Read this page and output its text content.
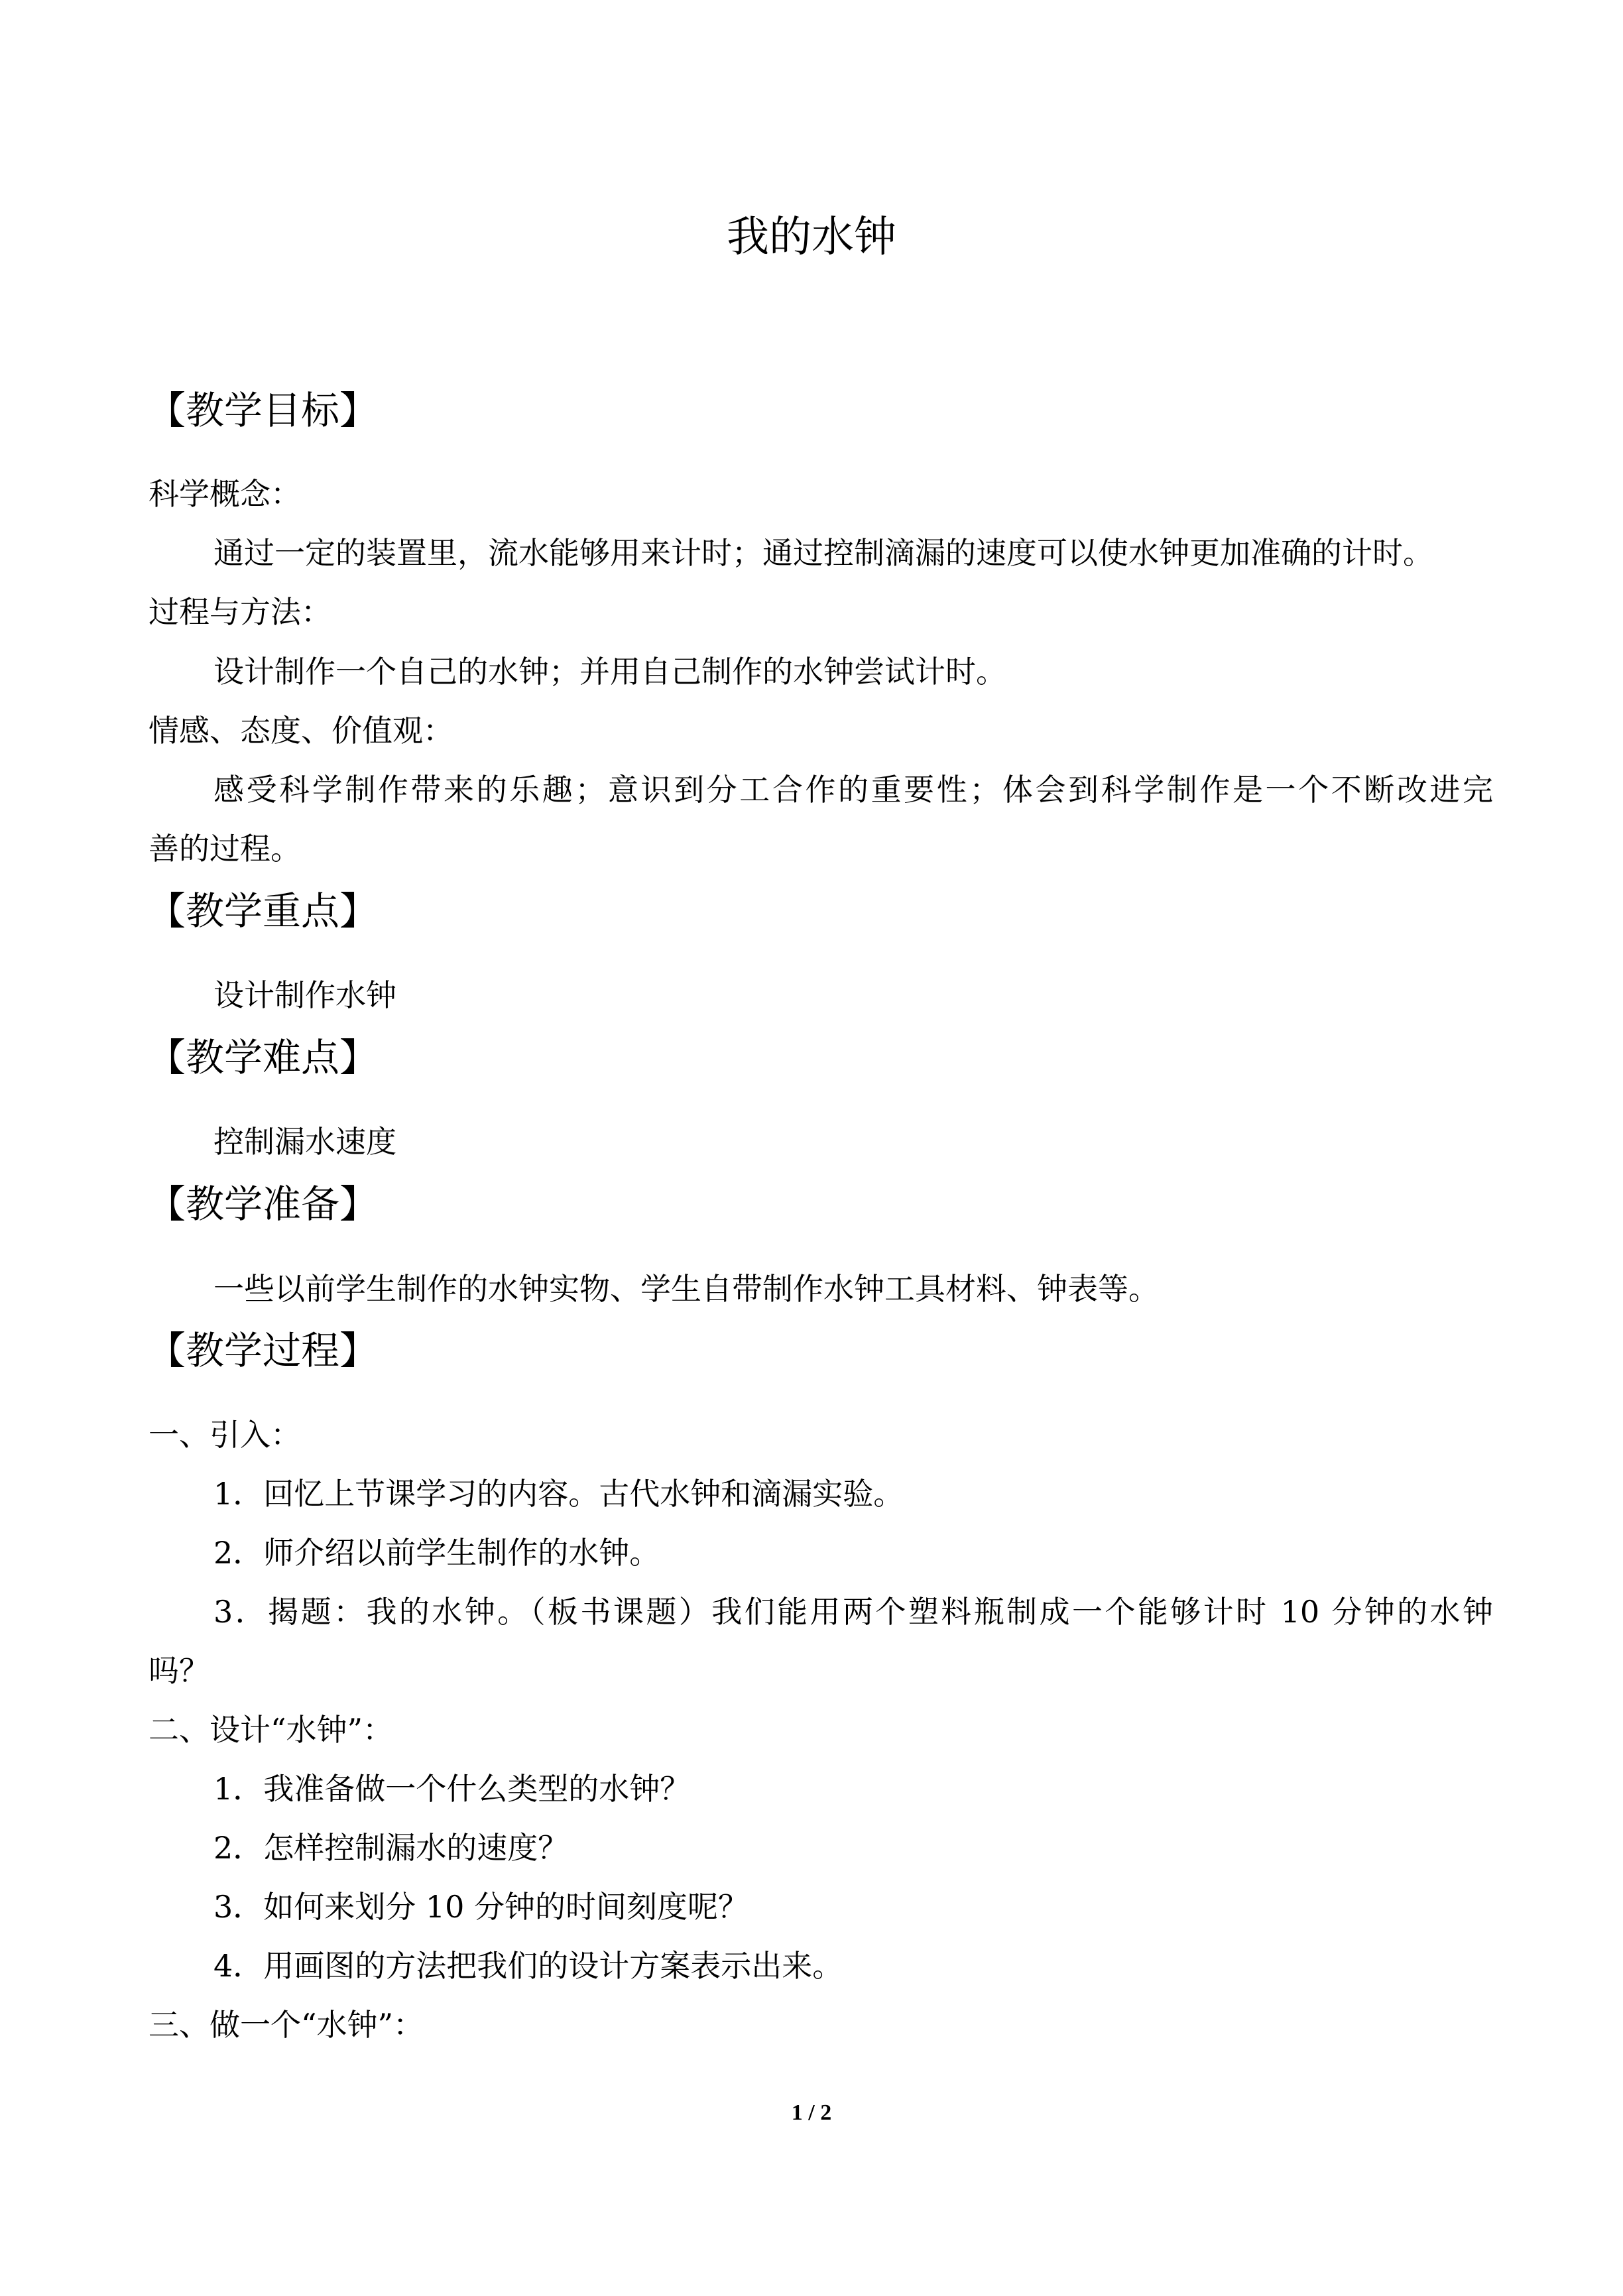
我的水钟
【教学目标】
科学概念：
通过一定的装置里，流水能够用来计时；通过控制滴漏的速度可以使水钟更加准确的计时。
过程与方法：
设计制作一个自己的水钟；并用自己制作的水钟尝试计时。
情感、态度、价值观：
感受科学制作带来的乐趣；意识到分工合作的重要性；体会到科学制作是一个不断改进完
善的过程。
【教学重点】
设计制作水钟
【教学难点】
控制漏水速度
【教学准备】
一些以前学生制作的水钟实物、学生自带制作水钟工具材料、钟表等。
【教学过程】
一、引入：
1．回忆上节课学习的内容。古代水钟和滴漏实验。
2．师介绍以前学生制作的水钟。
3．揭题：我的水钟。（板书课题）我们能用两个塑料瓶制成一个能够计时 10 分钟的水钟
吗？
二、设计“水钟”：
1．我准备做一个什么类型的水钟？
2．怎样控制漏水的速度？
3．如何来划分 10 分钟的时间刻度呢？
4．用画图的方法把我们的设计方案表示出来。
三、做一个“水钟”：
1 / 2
